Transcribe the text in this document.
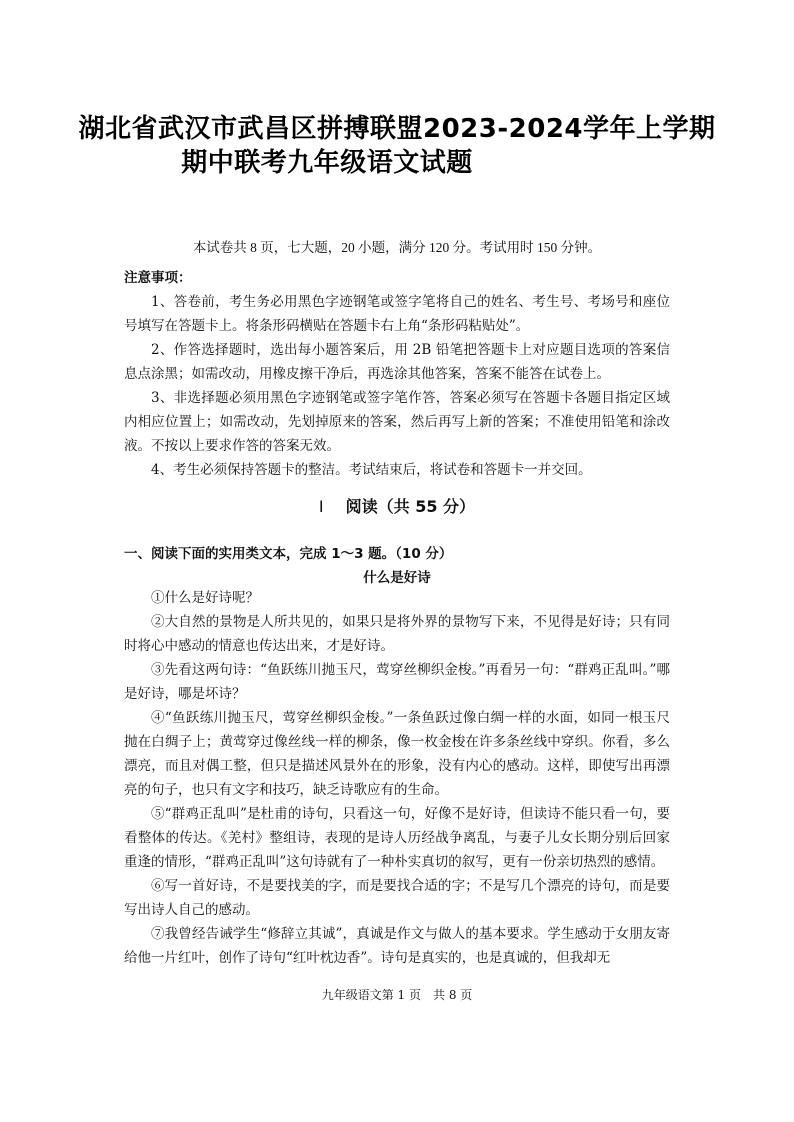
湖北省武汉市武昌区拼搏联盟2023-2024学年上学期
期中联考九年级语文试题
本试卷共 8 页，七大题，20 小题，满分 120 分。考试用时 150 分钟。
注意事项：

1、答卷前，考生务必用黑色字迹钢笔或签字笔将自己的姓名、考生号、考场号和座位号填写在答题卡上。将条形码横贴在答题卡右上角“条形码粘贴处”。

2、作答选择题时，选出每小题答案后，用 2B 铅笔把答题卡上对应题目选项的答案信息点涂黑；如需改动，用橡皮擦干净后，再选涂其他答案，答案不能答在试卷上。

3、非选择题必须用黑色字迹钢笔或签字笔作答，答案必须写在答题卡各题目指定区域内相应位置上；如需改动，先划掉原来的答案，然后再写上新的答案；不准使用铅笔和涂改液。不按以上要求作答的答案无效。

4、考生必须保持答题卡的整洁。考试结束后，将试卷和答题卡一并交回。

Ⅰ 阅读（共 55 分）
一、阅读下面的实用类文本，完成 1～3 题。（10 分）
什么是好诗

①什么是好诗呢？

②大自然的景物是人所共见的，如果只是将外界的景物写下来，不见得是好诗；只有同时将心中感动的情意也传达出来，才是好诗。

③先看这两句诗：“鱼跃练川抛玉尺，莺穿丝柳织金梭。”再看另一句：“群鸡正乱叫。”哪是好诗，哪是坏诗？

④“鱼跃练川抛玉尺，莺穿丝柳织金梭。”一条鱼跃过像白绸一样的水面，如同一根玉尺抛在白绸子上；黄莺穿过像丝线一样的柳条，像一枚金梭在许多条丝线中穿织。你看，多么漂亮，而且对偶工整，但只是描述风景外在的形象，没有内心的感动。这样，即使写出再漂亮的句子，也只有文字和技巧，缺乏诗歌应有的生命。

⑤“群鸡正乱叫”是杜甫的诗句，只看这一句，好像不是好诗，但读诗不能只看一句，要看整体的传达。《羌村》整组诗，表现的是诗人历经战争离乱，与妻子儿女长期分别后回家重逢的情形，“群鸡正乱叫”这句诗就有了一种朴实真切的叙写，更有一份亲切热烈的感情。

⑥写一首好诗，不是要找美的字，而是要找合适的字；不是写几个漂亮的诗句，而是要写出诗人自己的感动。

⑦我曾经告诫学生“修辞立其诚”，真诚是作文与做人的基本要求。学生感动于女朋友寄给他一片红叶，创作了诗句“红叶枕边香”。诗句是真实的，也是真诚的，但我却无

九年级语文第 1 页　共 8 页
